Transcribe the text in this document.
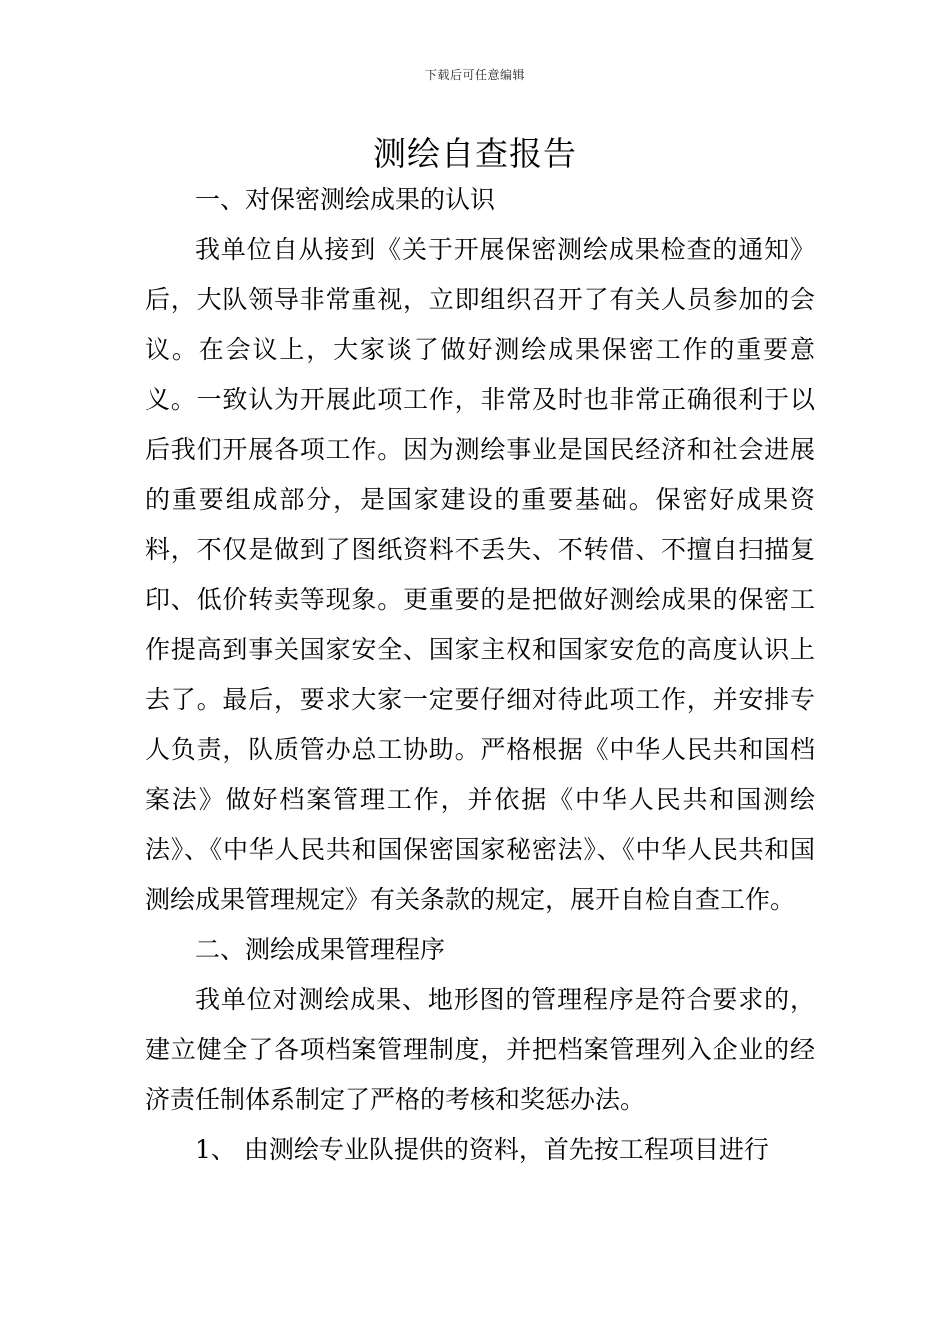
下载后可任意编辑
测绘自查报告

一、对保密测绘成果的认识

我单位自从接到《关于开展保密测绘成果检查的通知》后，大队领导非常重视，立即组织召开了有关人员参加的会议。在会议上，大家谈了做好测绘成果保密工作的重要意义。一致认为开展此项工作，非常及时也非常正确很利于以后我们开展各项工作。因为测绘事业是国民经济和社会进展的重要组成部分，是国家建设的重要基础。保密好成果资料，不仅是做到了图纸资料不丢失、不转借、不擅自扫描复印、低价转卖等现象。更重要的是把做好测绘成果的保密工作提高到事关国家安全、国家主权和国家安危的高度认识上去了。最后，要求大家一定要仔细对待此项工作，并安排专人负责，队质管办总工协助。严格根据《中华人民共和国档案法》做好档案管理工作，并依据《中华人民共和国测绘法》、《中华人民共和国保密国家秘密法》、《中华人民共和国测绘成果管理规定》有关条款的规定，展开自检自查工作。

二、测绘成果管理程序

我单位对测绘成果、地形图的管理程序是符合要求的，建立健全了各项档案管理制度，并把档案管理列入企业的经济责任制体系制定了严格的考核和奖惩办法。

1、 由测绘专业队提供的资料，首先按工程项目进行
